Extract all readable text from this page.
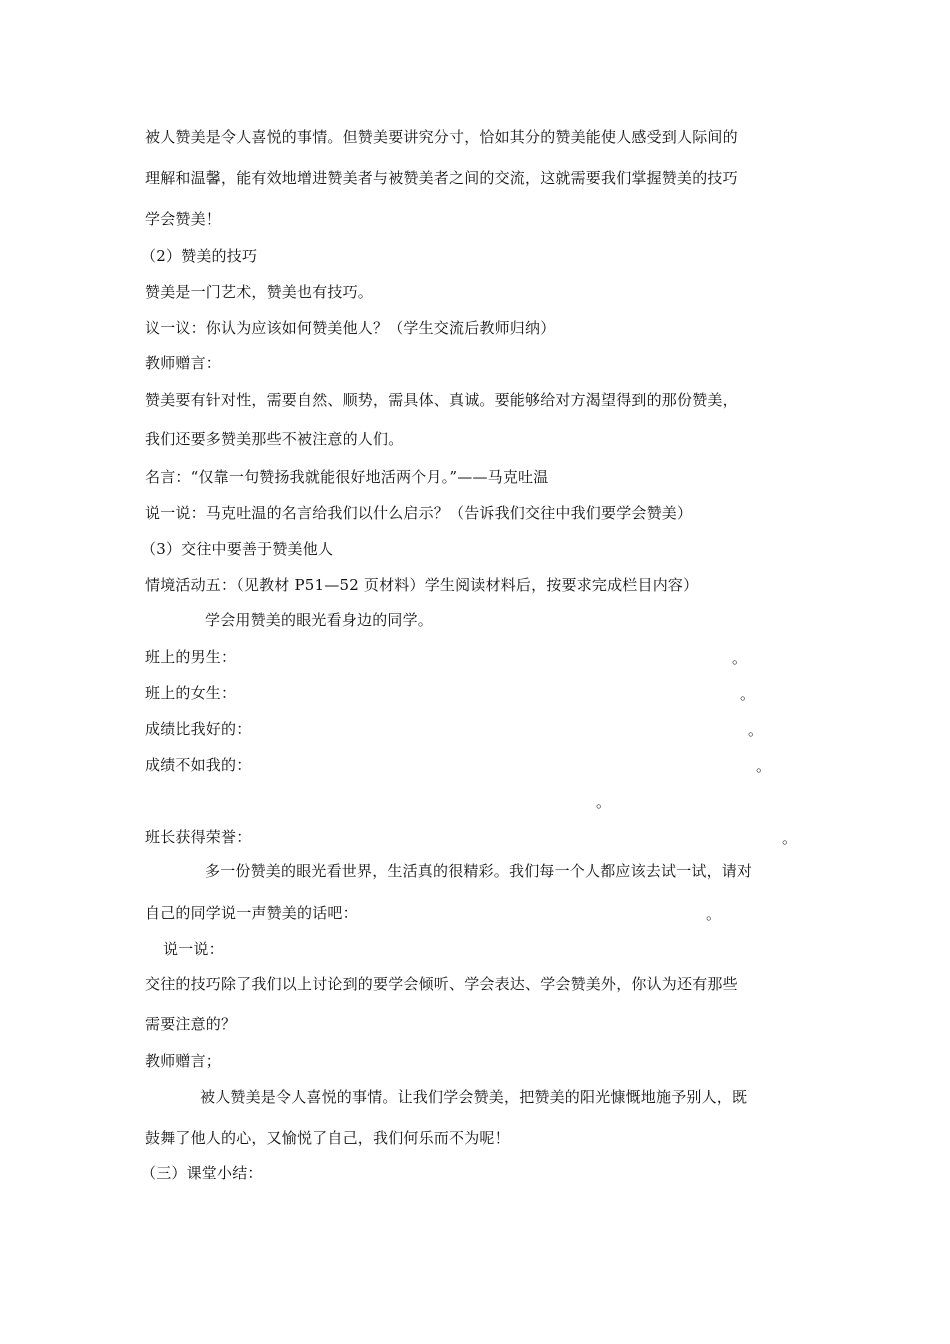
被人赞美是令人喜悦的事情。但赞美要讲究分寸，恰如其分的赞美能使人感受到人际间的
理解和温馨，能有效地增进赞美者与被赞美者之间的交流，这就需要我们掌握赞美的技巧
学会赞美！
（2）赞美的技巧
赞美是一门艺术，赞美也有技巧。
议一议：你认为应该如何赞美他人？（学生交流后教师归纳）
教师赠言：
赞美要有针对性，需要自然、顺势，需具体、真诚。要能够给对方渴望得到的那份赞美，
我们还要多赞美那些不被注意的人们。
名言：“仅靠一句赞扬我就能很好地活两个月。”——马克吐温
说一说：马克吐温的名言给我们以什么启示？（告诉我们交往中我们要学会赞美）
（3）交往中要善于赞美他人
情境活动五：（见教材 P51—52 页材料）学生阅读材料后，按要求完成栏目内容）
学会用赞美的眼光看身边的同学。
班上的男生：	。
班上的女生：	。
成绩比我好的：	。
成绩不如我的：	。
。
班长获得荣誉：	。
多一份赞美的眼光看世界，生活真的很精彩。我们每一个人都应该去试一试，请对
自己的同学说一声赞美的话吧：	。
说一说：
交往的技巧除了我们以上讨论到的要学会倾听、学会表达、学会赞美外，你认为还有那些
需要注意的？
教师赠言；
被人赞美是令人喜悦的事情。让我们学会赞美，把赞美的阳光慷慨地施予别人，既
鼓舞了他人的心，又愉悦了自己，我们何乐而不为呢！
（三）课堂小结：
